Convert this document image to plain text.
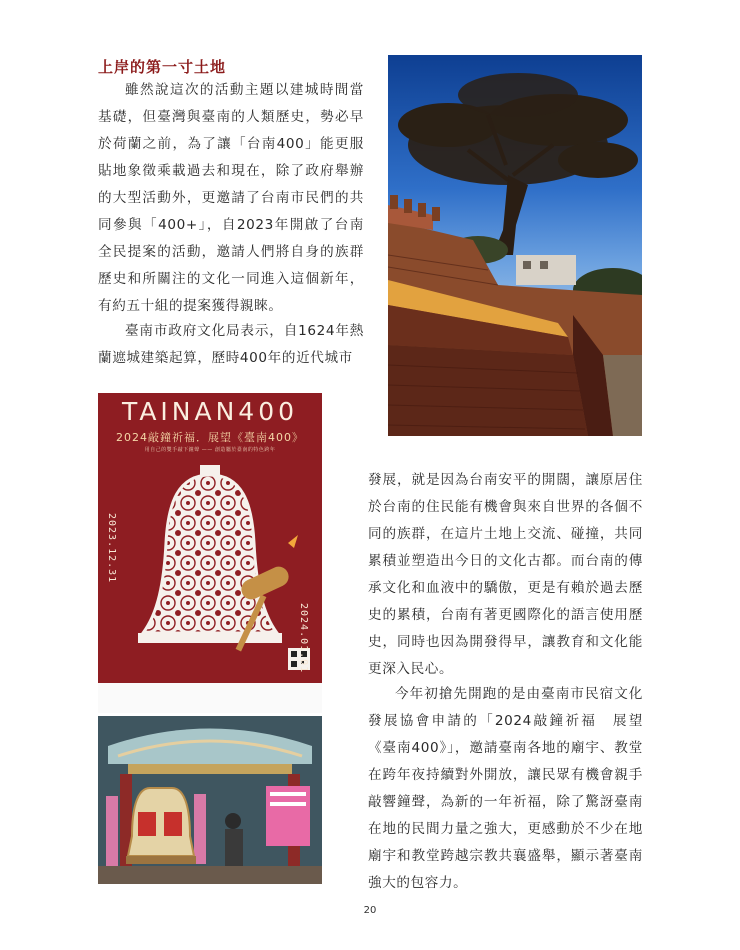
上岸的第一寸土地

雖然說這次的活動主題以建城時間當基礎，但臺灣與臺南的人類歷史，勢必早於荷蘭之前，為了讓「台南400」能更服貼地象徵乘載過去和現在，除了政府舉辦的大型活動外，更邀請了台南市民們的共同參與「400+」，自2023年開啟了台南全民提案的活動，邀請人們將自身的族群歷史和所關注的文化一同進入這個新年，有約五十組的提案獲得親睞。

臺南市政府文化局表示，自1624年熱蘭遮城建築起算，歷時400年的近代城市

TAINAN400
2024敲鐘祈福．展望《臺南400》
用自己的雙手敲下鐘聲 —— 創造屬於臺南的特色跨年
2023.12.31
2024.01.01

發展，就是因為台南安平的開闊，讓原居住於台南的住民能有機會與來自世界的各個不同的族群，在這片土地上交流、碰撞，共同累積並塑造出今日的文化古都。而台南的傳承文化和血液中的驕傲，更是有賴於過去歷史的累積，台南有著更國際化的語言使用歷史，同時也因為開發得早，讓教育和文化能更深入民心。

今年初搶先開跑的是由臺南市民宿文化發展協會申請的「2024敲鐘祈福　展望《臺南400》」，邀請臺南各地的廟宇、教堂在跨年夜持續對外開放，讓民眾有機會親手敲響鐘聲，為新的一年祈福，除了驚訝臺南在地的民間力量之強大，更感動於不少在地廟宇和教堂跨越宗教共襄盛舉，顯示著臺南強大的包容力。

20
